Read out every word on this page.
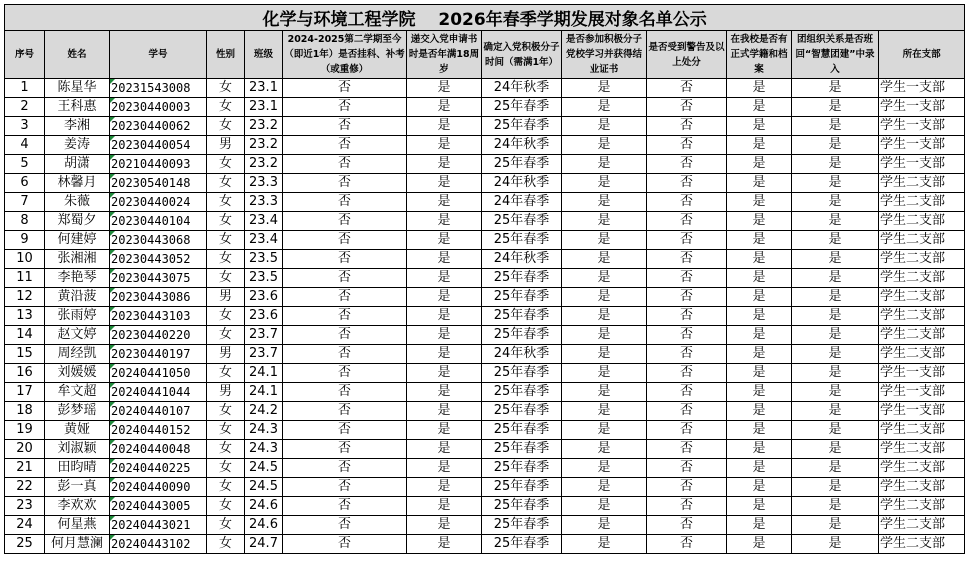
化学与环境工程学院　 2026年春季学期发展对象名单公示												
序号	姓名	学号	性别	班级	2024-2025第二学期至今（即近1年）是否挂科、补考（或重修）	递交入党申请书时是否年满18周岁	确定入党积极分子时间（需满1年）	是否参加积极分子党校学习并获得结业证书	是否受到警告及以上处分	在我校是否有正式学籍和档案	团组织关系是否班回“智慧团建”中录入	所在支部
1	陈星华	20231543008	女	23.1	否	是	24年秋季	是	否	是	是	学生一支部
2	王科惠	20230440003	女	23.1	否	是	25年春季	是	否	是	是	学生一支部
3	李湘	20230440062	女	23.2	否	是	25年春季	是	否	是	是	学生一支部
4	姜涛	20230440054	男	23.2	否	是	24年秋季	是	否	是	是	学生一支部
5	胡潇	20210440093	女	23.2	否	是	25年春季	是	否	是	是	学生一支部
6	林馨月	20230540148	女	23.3	否	是	24年秋季	是	否	是	是	学生二支部
7	朱薇	20230440024	女	23.3	否	是	24年春季	是	否	是	是	学生二支部
8	郑蜀夕	20230440104	女	23.4	否	是	25年春季	是	否	是	是	学生二支部
9	何建婷	20230443068	女	23.4	否	是	25年春季	是	否	是	是	学生二支部
10	张湘湘	20230443052	女	23.5	否	是	24年秋季	是	否	是	是	学生二支部
11	李艳琴	20230443075	女	23.5	否	是	25年春季	是	否	是	是	学生二支部
12	黄沿菠	20230443086	男	23.6	否	是	25年春季	是	否	是	是	学生二支部
13	张雨婷	20230443103	女	23.6	否	是	25年春季	是	否	是	是	学生二支部
14	赵文婷	20230440220	女	23.7	否	是	25年春季	是	否	是	是	学生二支部
15	周经凯	20230440197	男	23.7	否	是	24年秋季	是	否	是	是	学生二支部
16	刘媛媛	20240441050	女	24.1	否	是	25年春季	是	否	是	是	学生一支部
17	牟文超	20240441044	男	24.1	否	是	25年春季	是	否	是	是	学生一支部
18	彭梦瑶	20240440107	女	24.2	否	是	25年春季	是	否	是	是	学生一支部
19	黄娅	20240440152	女	24.3	否	是	25年春季	是	否	是	是	学生二支部
20	刘淑颖	20240440048	女	24.3	否	是	25年春季	是	否	是	是	学生二支部
21	田昀晴	20240440225	女	24.5	否	是	25年春季	是	否	是	是	学生二支部
22	彭一真	20240440090	女	24.5	否	是	25年春季	是	否	是	是	学生二支部
23	李欢欢	20240443005	女	24.6	否	是	25年春季	是	否	是	是	学生二支部
24	何星燕	20240443021	女	24.6	否	是	25年春季	是	否	是	是	学生二支部
25	何月慧澜	20240443102	女	24.7	否	是	25年春季	是	否	是	是	学生二支部
